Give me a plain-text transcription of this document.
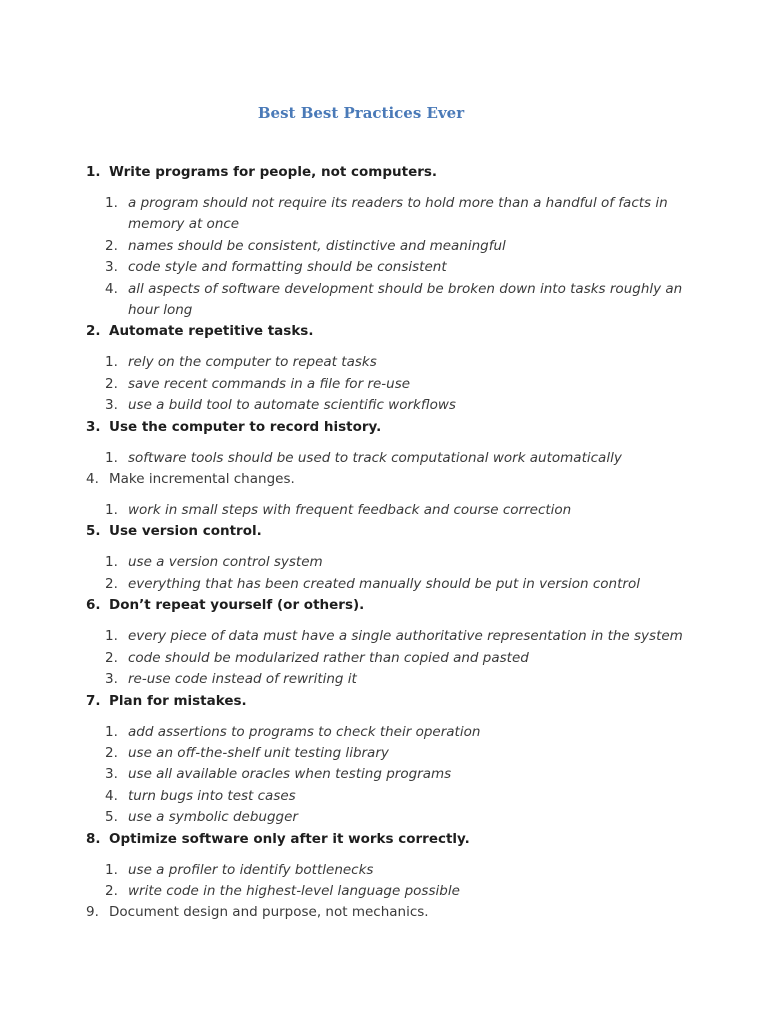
Best Best Practices Ever
1. Write programs for people, not computers.
1. a program should not require its readers to hold more than a handful of facts in memory at once
2. names should be consistent, distinctive and meaningful
3. code style and formatting should be consistent
4. all aspects of software development should be broken down into tasks roughly an hour long
2. Automate repetitive tasks.
1. rely on the computer to repeat tasks
2. save recent commands in a file for re-use
3. use a build tool to automate scientific workflows
3. Use the computer to record history.
1. software tools should be used to track computational work automatically
4. Make incremental changes.
1. work in small steps with frequent feedback and course correction
5. Use version control.
1. use a version control system
2. everything that has been created manually should be put in version control
6. Don’t repeat yourself (or others).
1. every piece of data must have a single authoritative representation in the system
2. code should be modularized rather than copied and pasted
3. re-use code instead of rewriting it
7. Plan for mistakes.
1. add assertions to programs to check their operation
2. use an off-the-shelf unit testing library
3. use all available oracles when testing programs
4. turn bugs into test cases
5. use a symbolic debugger
8. Optimize software only after it works correctly.
1. use a profiler to identify bottlenecks
2. write code in the highest-level language possible
9. Document design and purpose, not mechanics.
